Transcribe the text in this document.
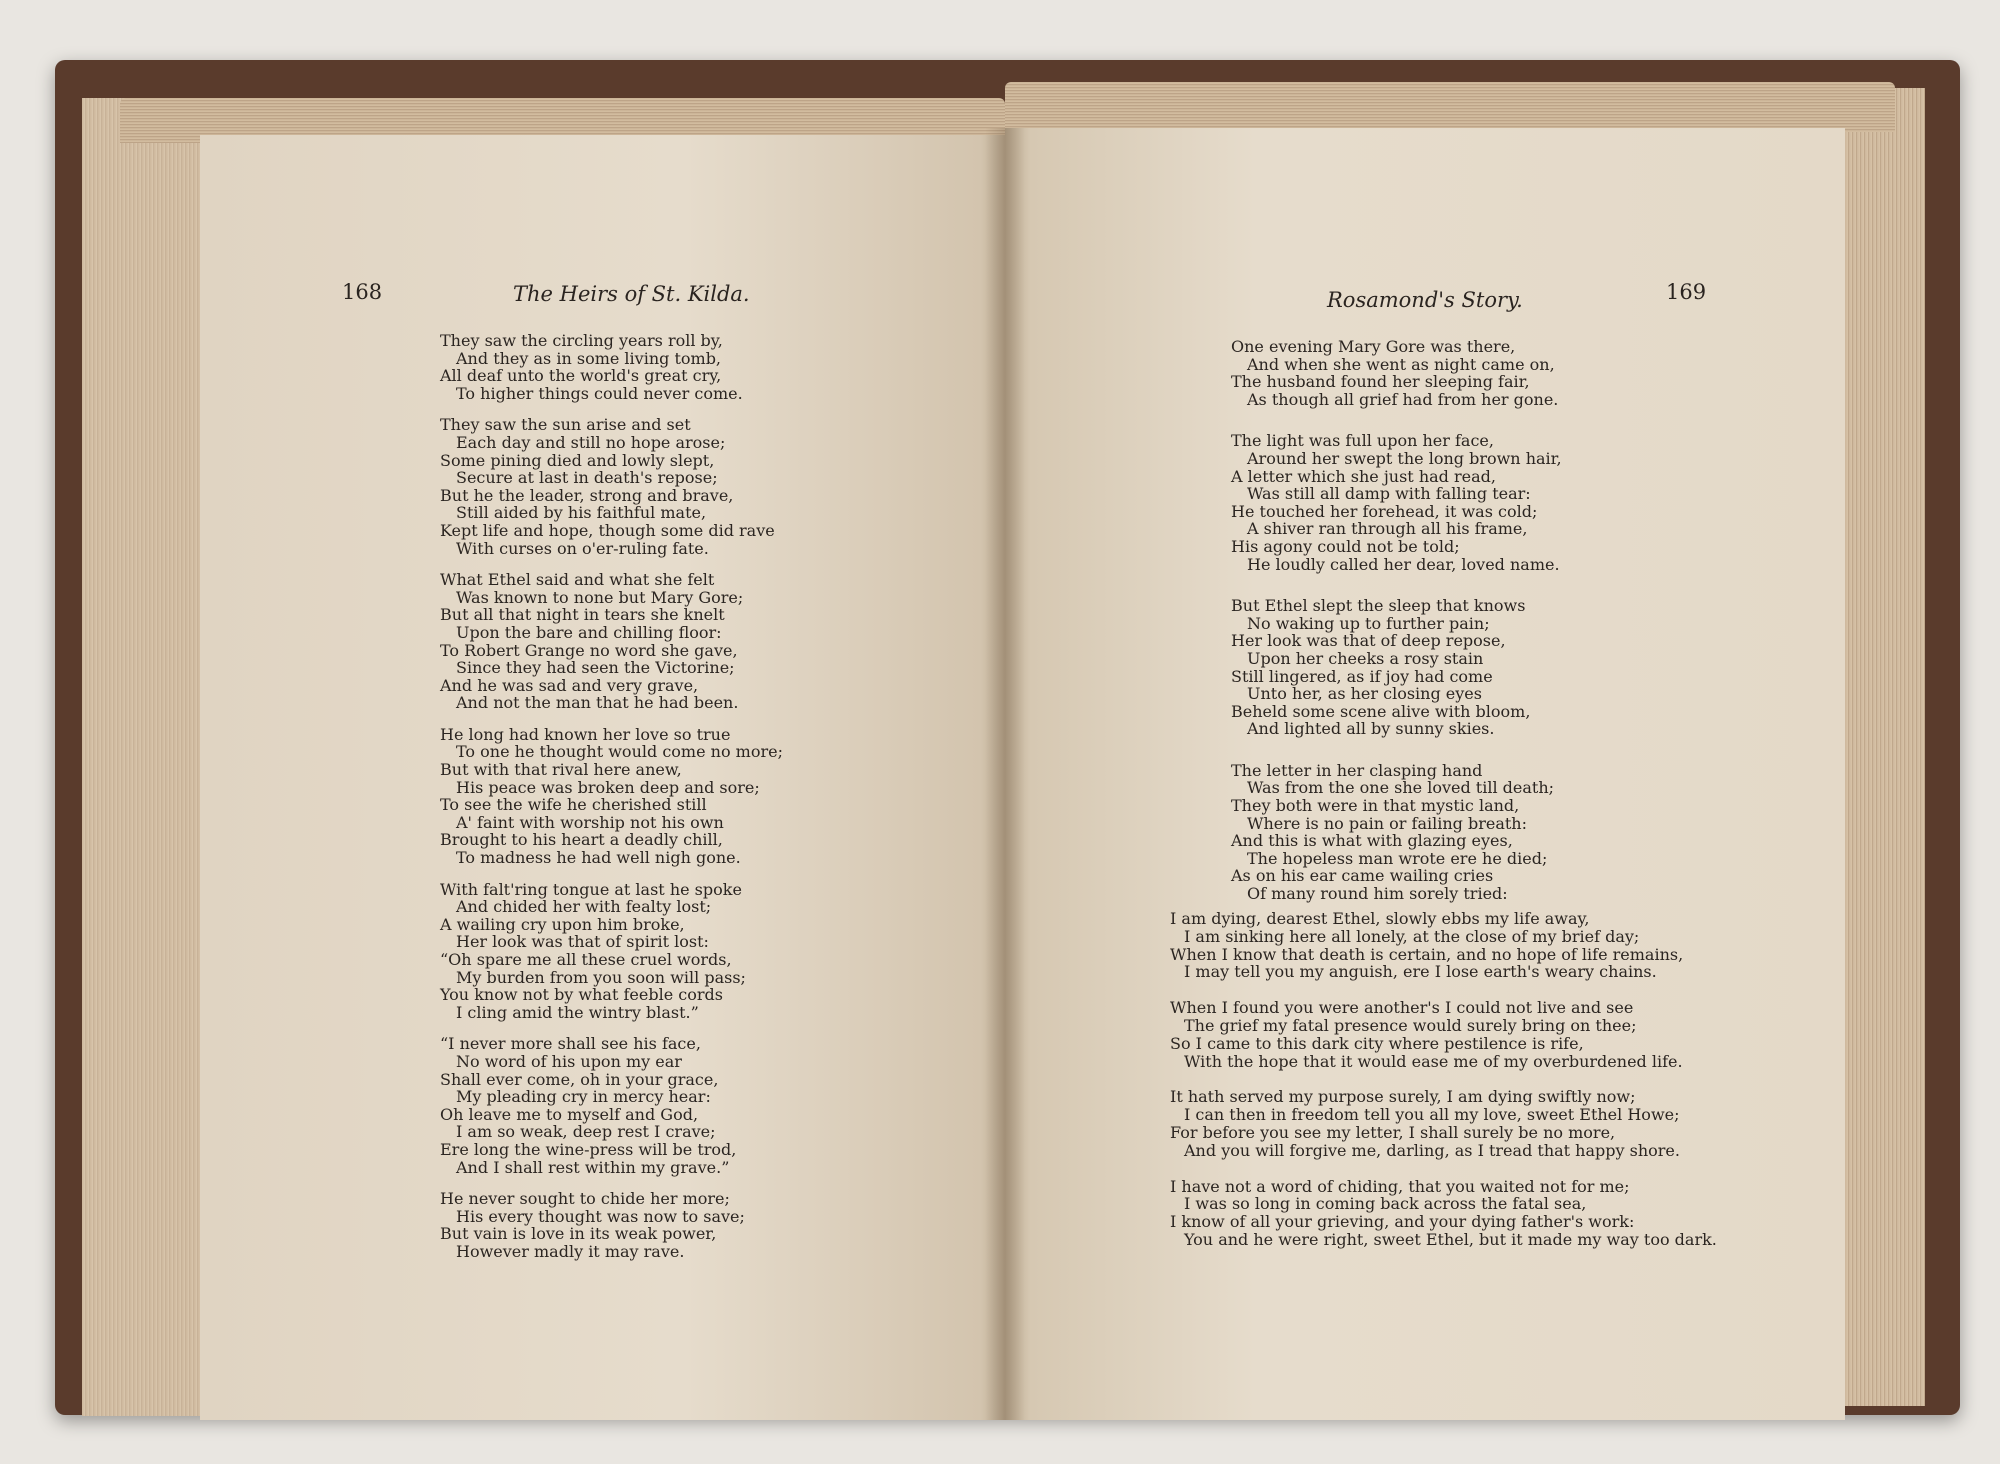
168	The Heirs of St. Kilda.
They saw the circling years roll by,
And they as in some living tomb,
All deaf unto the world's great cry,
To higher things could never come.
They saw the sun arise and set
Each day and still no hope arose;
Some pining died and lowly slept,
Secure at last in death's repose;
But he the leader, strong and brave,
Still aided by his faithful mate,
Kept life and hope, though some did rave
With curses on o'er-ruling fate.
What Ethel said and what she felt
Was known to none but Mary Gore;
But all that night in tears she knelt
Upon the bare and chilling floor:
To Robert Grange no word she gave,
Since they had seen the Victorine;
And he was sad and very grave,
And not the man that he had been.
He long had known her love so true
To one he thought would come no more;
But with that rival here anew,
His peace was broken deep and sore;
To see the wife he cherished still
A' faint with worship not his own
Brought to his heart a deadly chill,
To madness he had well nigh gone.
With falt'ring tongue at last he spoke
And chided her with fealty lost;
A wailing cry upon him broke,
Her look was that of spirit lost:
“Oh spare me all these cruel words,
My burden from you soon will pass;
You know not by what feeble cords
I cling amid the wintry blast.”
“I never more shall see his face,
No word of his upon my ear
Shall ever come, oh in your grace,
My pleading cry in mercy hear:
Oh leave me to myself and God,
I am so weak, deep rest I crave;
Ere long the wine-press will be trod,
And I shall rest within my grave.”
He never sought to chide her more;
His every thought was now to save;
But vain is love in its weak power,
However madly it may rave.
Rosamond's Story.	169
One evening Mary Gore was there,
And when she went as night came on,
The husband found her sleeping fair,
As though all grief had from her gone.
The light was full upon her face,
Around her swept the long brown hair,
A letter which she just had read,
Was still all damp with falling tear:
He touched her forehead, it was cold;
A shiver ran through all his frame,
His agony could not be told;
He loudly called her dear, loved name.
But Ethel slept the sleep that knows
No waking up to further pain;
Her look was that of deep repose,
Upon her cheeks a rosy stain
Still lingered, as if joy had come
Unto her, as her closing eyes
Beheld some scene alive with bloom,
And lighted all by sunny skies.
The letter in her clasping hand
Was from the one she loved till death;
They both were in that mystic land,
Where is no pain or failing breath:
And this is what with glazing eyes,
The hopeless man wrote ere he died;
As on his ear came wailing cries
Of many round him sorely tried:
I am dying, dearest Ethel, slowly ebbs my life away,
I am sinking here all lonely, at the close of my brief day;
When I know that death is certain, and no hope of life remains,
I may tell you my anguish, ere I lose earth's weary chains.
When I found you were another's I could not live and see
The grief my fatal presence would surely bring on thee;
So I came to this dark city where pestilence is rife,
With the hope that it would ease me of my overburdened life.
It hath served my purpose surely, I am dying swiftly now;
I can then in freedom tell you all my love, sweet Ethel Howe;
For before you see my letter, I shall surely be no more,
And you will forgive me, darling, as I tread that happy shore.
I have not a word of chiding, that you waited not for me;
I was so long in coming back across the fatal sea,
I know of all your grieving, and your dying father's work:
You and he were right, sweet Ethel, but it made my way too dark.
